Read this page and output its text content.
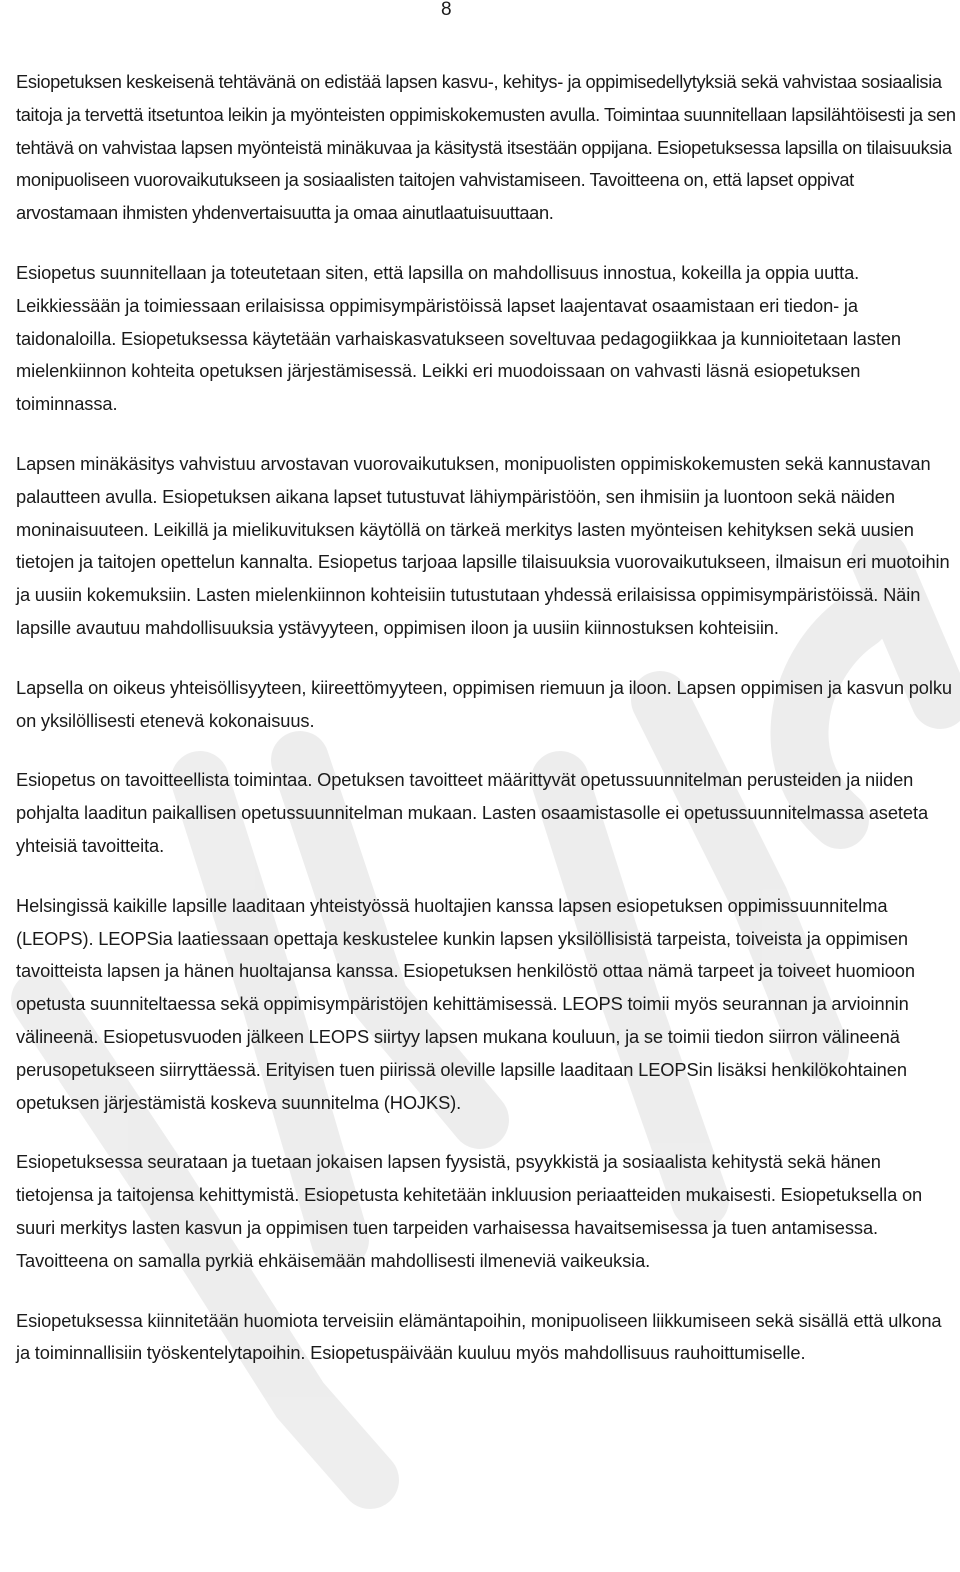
8

Esiopetuksen keskeisenä tehtävänä on edistää lapsen kasvu-, kehitys- ja oppimisedellytyksiä sekä vahvistaa sosiaalisia taitoja ja tervettä itsetuntoa leikin ja myönteisten oppimiskokemusten avulla. Toimintaa suunnitellaan lapsilähtöisesti ja sen tehtävä on vahvistaa lapsen myönteistä minäkuvaa ja käsitystä itsestään oppijana. Esiopetuksessa lapsilla on tilaisuuksia monipuoliseen vuorovaikutukseen ja sosiaalisten taitojen vahvistamiseen. Tavoitteena on, että lapset oppivat arvostamaan ihmisten yhdenvertaisuutta ja omaa ainutlaatuisuuttaan.

Esiopetus suunnitellaan ja toteutetaan siten, että lapsilla on mahdollisuus innostua, kokeilla ja oppia uutta. Leikkiessään ja toimiessaan erilaisissa oppimisympäristöissä lapset laajentavat osaamistaan eri tiedon- ja taidonaloilla. Esiopetuksessa käytetään varhaiskasvatukseen soveltuvaa pedagogiikkaa ja kunnioitetaan lasten mielenkiinnon kohteita opetuksen järjestämisessä. Leikki eri muodoissaan on vahvasti läsnä esiopetuksen toiminnassa.

Lapsen minäkäsitys vahvistuu arvostavan vuorovaikutuksen, monipuolisten oppimiskokemusten sekä kannustavan palautteen avulla. Esiopetuksen aikana lapset tutustuvat lähiympäristöön, sen ihmisiin ja luontoon sekä näiden moninaisuuteen. Leikillä ja mielikuvituksen käytöllä on tärkeä merkitys lasten myönteisen kehityksen sekä uusien tietojen ja taitojen opettelun kannalta. Esiopetus tarjoaa lapsille tilaisuuksia vuorovaikutukseen, ilmaisun eri muotoihin ja uusiin kokemuksiin. Lasten mielenkiinnon kohteisiin tutustutaan yhdessä erilaisissa oppimisympäristöissä. Näin lapsille avautuu mahdollisuuksia ystävyyteen, oppimisen iloon ja uusiin kiinnostuksen kohteisiin.

Lapsella on oikeus yhteisöllisyyteen, kiireettömyyteen, oppimisen riemuun ja iloon. Lapsen oppimisen ja kasvun polku on yksilöllisesti etenevä kokonaisuus.

Esiopetus on tavoitteellista toimintaa. Opetuksen tavoitteet määrittyvät opetussuunnitelman perusteiden ja niiden pohjalta laaditun paikallisen opetussuunnitelman mukaan. Lasten osaamistasolle ei opetussuunnitelmassa aseteta yhteisiä tavoitteita.

Helsingissä kaikille lapsille laaditaan yhteistyössä huoltajien kanssa lapsen esiopetuksen oppimissuunnitelma (LEOPS). LEOPSia laatiessaan opettaja keskustelee kunkin lapsen yksilöllisistä tarpeista, toiveista ja oppimisen tavoitteista lapsen ja hänen huoltajansa kanssa. Esiopetuksen henkilöstö ottaa nämä tarpeet ja toiveet huomioon opetusta suunniteltaessa sekä oppimisympäristöjen kehittämisessä. LEOPS toimii myös seurannan ja arvioinnin välineenä. Esiopetusvuoden jälkeen LEOPS siirtyy lapsen mukana kouluun, ja se toimii tiedon siirron välineenä perusopetukseen siirryttäessä. Erityisen tuen piirissä oleville lapsille laaditaan LEOPSin lisäksi henkilökohtainen opetuksen järjestämistä koskeva suunnitelma (HOJKS).

Esiopetuksessa seurataan ja tuetaan jokaisen lapsen fyysistä, psyykkistä ja sosiaalista kehitystä sekä hänen tietojensa ja taitojensa kehittymistä. Esiopetusta kehitetään inkluusion periaatteiden mukaisesti. Esiopetuksella on suuri merkitys lasten kasvun ja oppimisen tuen tarpeiden varhaisessa havaitsemisessa ja tuen antamisessa. Tavoitteena on samalla pyrkiä ehkäisemään mahdollisesti ilmeneviä vaikeuksia.

Esiopetuksessa kiinnitetään huomiota terveisiin elämäntapoihin, monipuoliseen liikkumiseen sekä sisällä että ulkona ja toiminnallisiin työskentelytapoihin. Esiopetuspäivään kuuluu myös mahdollisuus rauhoittumiselle.
